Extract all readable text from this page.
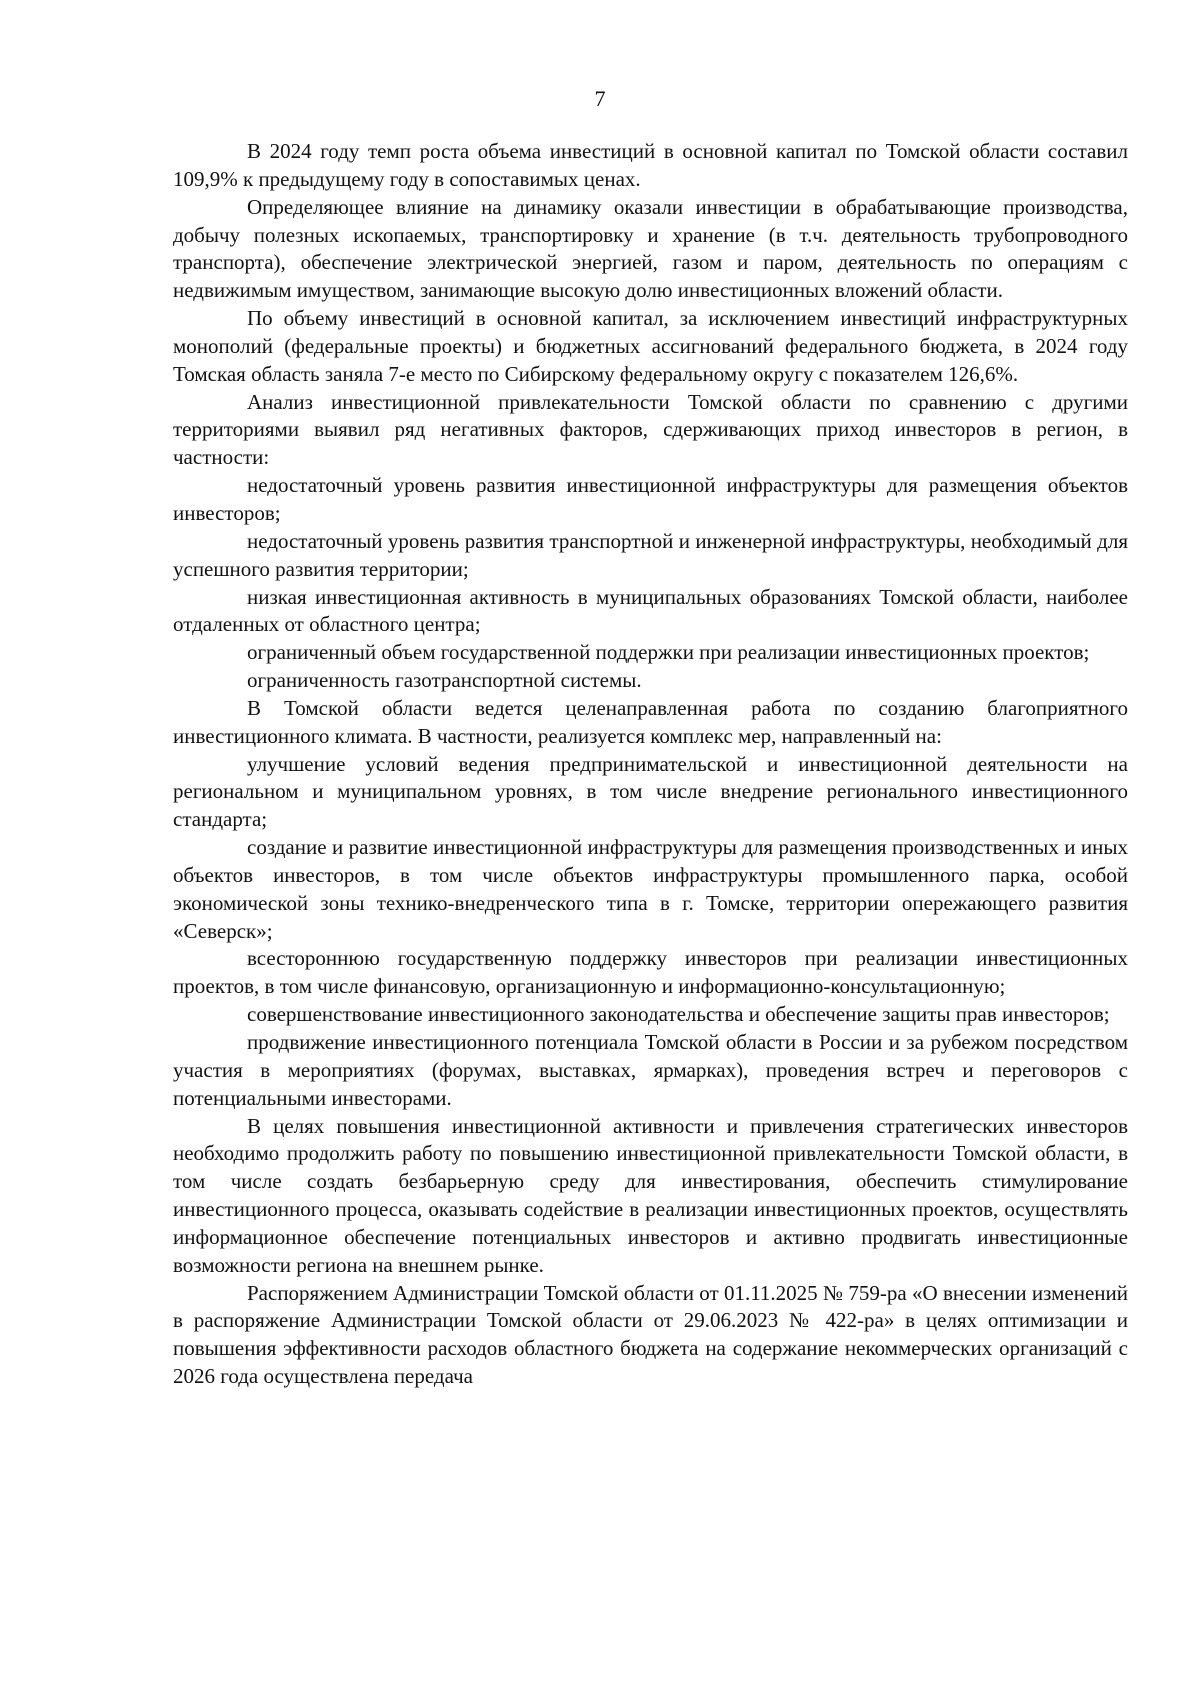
7

В 2024 году темп роста объема инвестиций в основной капитал по Томской области составил 109,9% к предыдущему году в сопоставимых ценах.

Определяющее влияние на динамику оказали инвестиции в обрабатывающие производства, добычу полезных ископаемых, транспортировку и хранение (в т.ч. деятельность трубопроводного транспорта), обеспечение электрической энергией, газом и паром, деятельность по операциям с недвижимым имуществом, занимающие высокую долю инвестиционных вложений области.

По объему инвестиций в основной капитал, за исключением инвестиций инфраструктурных монополий (федеральные проекты) и бюджетных ассигнований федерального бюджета, в 2024 году Томская область заняла 7-е место по Сибирскому федеральному округу с показателем 126,6%.

Анализ инвестиционной привлекательности Томской области по сравнению с другими территориями выявил ряд негативных факторов, сдерживающих приход инвесторов в регион, в частности:

недостаточный уровень развития инвестиционной инфраструктуры для размещения объектов инвесторов;

недостаточный уровень развития транспортной и инженерной инфраструктуры, необходимый для успешного развития территории;

низкая инвестиционная активность в муниципальных образованиях Томской области, наиболее отдаленных от областного центра;

ограниченный объем государственной поддержки при реализации инвестиционных проектов;

ограниченность газотранспортной системы.

В Томской области ведется целенаправленная работа по созданию благоприятного инвестиционного климата. В частности, реализуется комплекс мер, направленный на:

улучшение условий ведения предпринимательской и инвестиционной деятельности на региональном и муниципальном уровнях, в том числе внедрение регионального инвестиционного стандарта;

создание и развитие инвестиционной инфраструктуры для размещения производственных и иных объектов инвесторов, в том числе объектов инфраструктуры промышленного парка, особой экономической зоны технико-внедренческого типа в г. Томске, территории опережающего развития «Северск»;

всестороннюю государственную поддержку инвесторов при реализации инвестиционных проектов, в том числе финансовую, организационную и информационно-консультационную;

совершенствование инвестиционного законодательства и обеспечение защиты прав инвесторов;

продвижение инвестиционного потенциала Томской области в России и за рубежом посредством участия в мероприятиях (форумах, выставках, ярмарках), проведения встреч и переговоров с потенциальными инвесторами.

В целях повышения инвестиционной активности и привлечения стратегических инвесторов необходимо продолжить работу по повышению инвестиционной привлекательности Томской области, в том числе создать безбарьерную среду для инвестирования, обеспечить стимулирование инвестиционного процесса, оказывать содействие в реализации инвестиционных проектов, осуществлять информационное обеспечение потенциальных инвесторов и активно продвигать инвестиционные возможности региона на внешнем рынке.

Распоряжением Администрации Томской области от 01.11.2025 № 759-ра «О внесении изменений в распоряжение Администрации Томской области от 29.06.2023 № 422-ра» в целях оптимизации и повышения эффективности расходов областного бюджета на содержание некоммерческих организаций с 2026 года осуществлена передача
